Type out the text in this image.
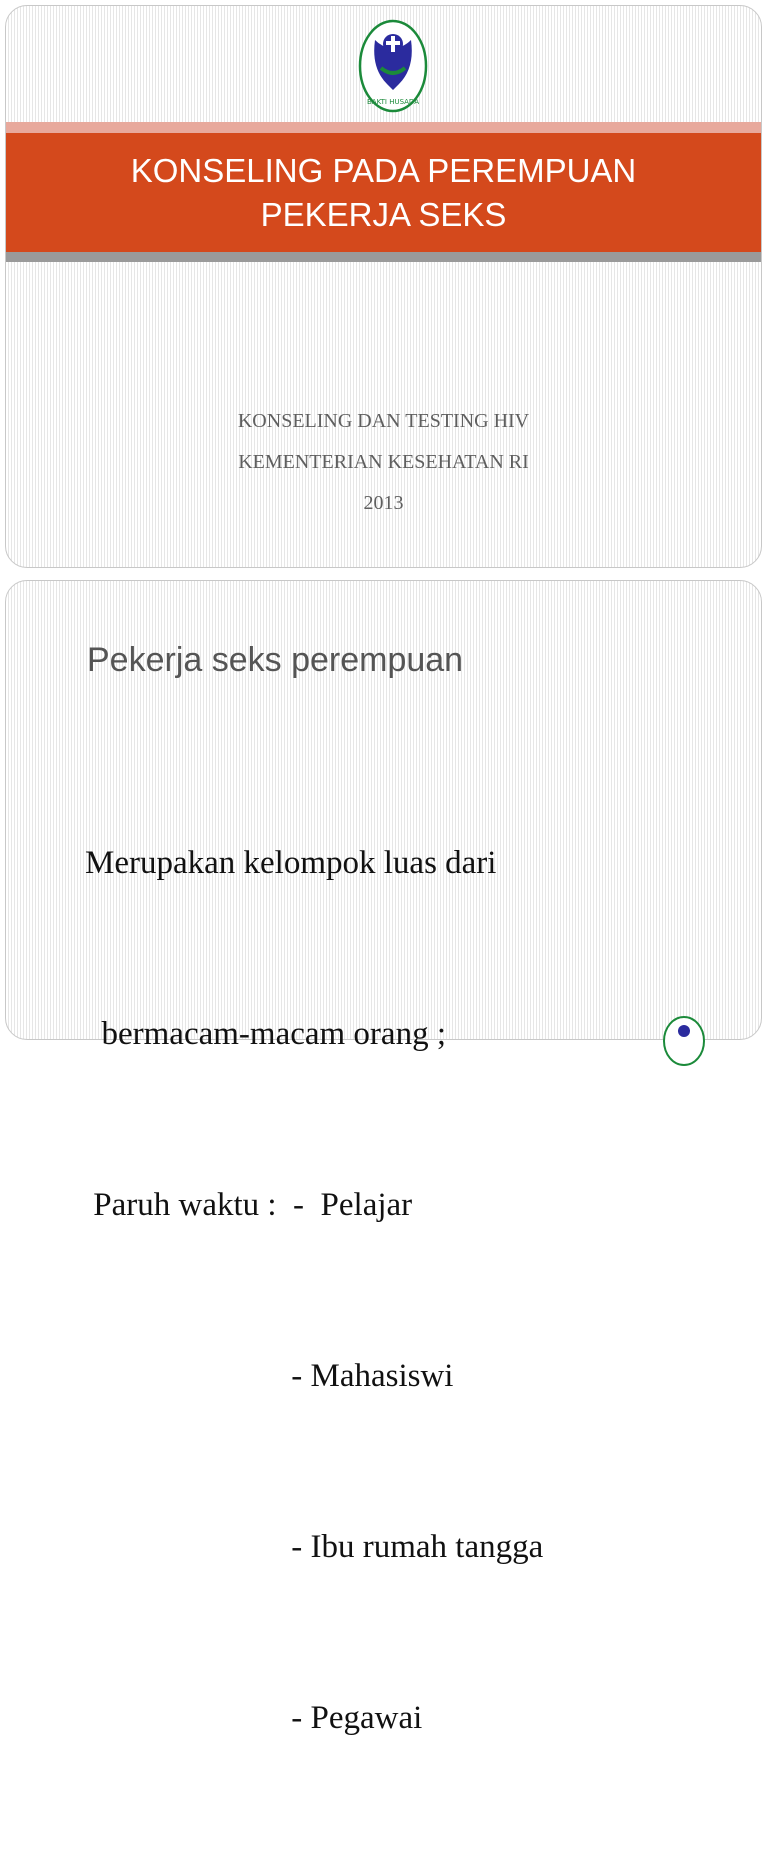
BAKTI HUSADA
KONSELING PADA PEREMPUAN
PEKERJA SEKS
KONSELING DAN TESTING HIV
KEMENTERIAN KESEHATAN RI
2013
Pekerja seks perempuan

Merupakan kelompok luas dari

bermacam-macam orang ;

Paruh waktu :  -  Pelajar

- Mahasiswi

- Ibu rumah tangga

- Pegawai
